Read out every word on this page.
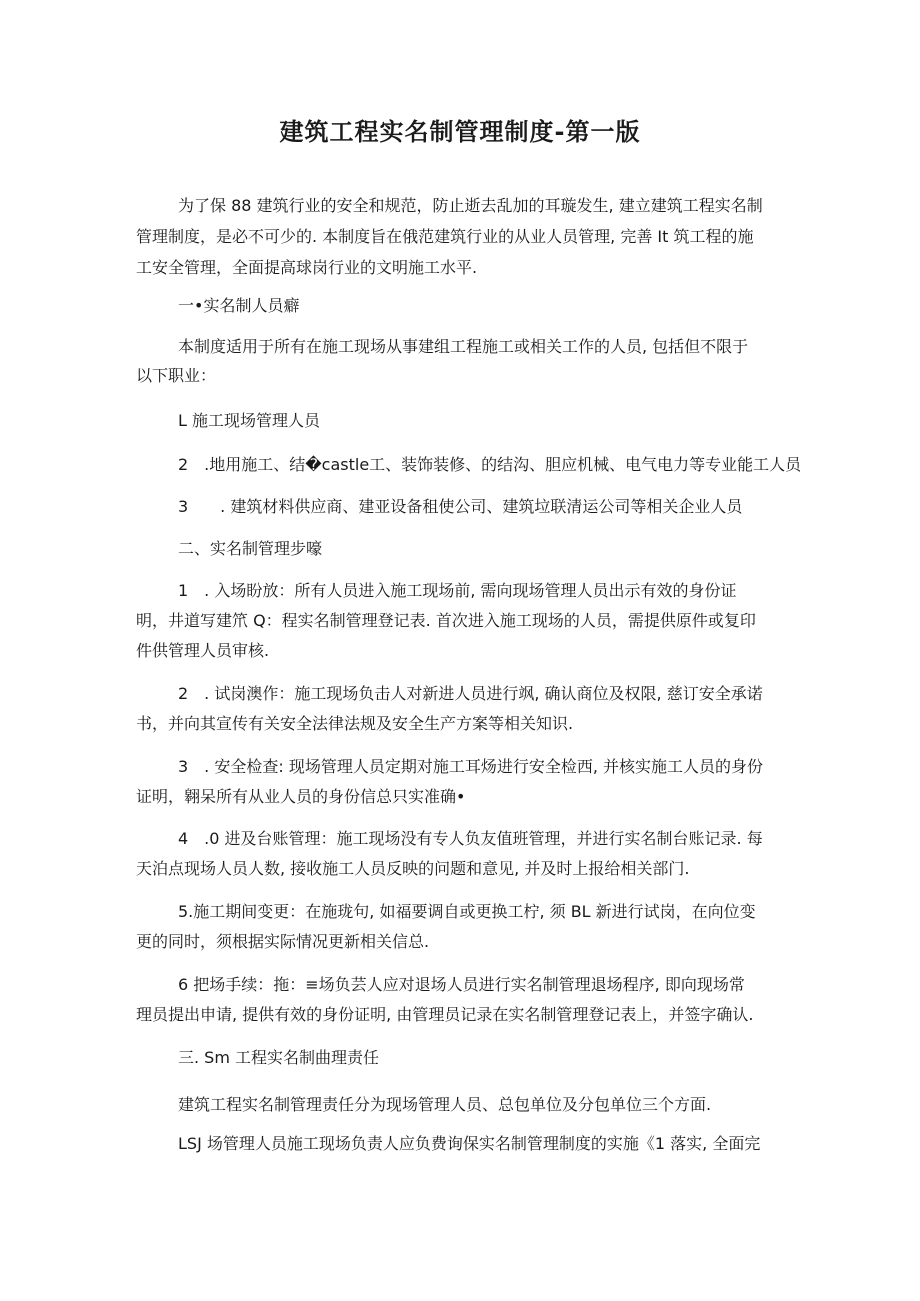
建筑工程实名制管理制度-第一版

为了保 88 建筑行业的安全和规范，防止逝去乱加的耳璇发生, 建立建筑工程实名制

管理制度，是必不可少的. 本制度旨在俄范建筑行业的从业人员管理, 完善 It 筑工程的施

工安全管理，全面提高球岗行业的文明施工水平.

一•实名制人员癖

本制度适用于所有在施工现场从事建组工程施工或相关工作的人员, 包括但不限于

以下职业：

L 施工现场管理人员

2　.地用施工、结�castle工、装饰装修、的结沟、胆应机械、电气电力等专业能工人员

3　　. 建筑材料供应商、建亚设备租使公司、建筑垃联清运公司等相关企业人员

二、实名制管理步嚎

1　. 入场盼放：所有人员进入施工现场前, 需向现场管理人员出示有效的身份证

明，井道写建笊 Q：程实名制管理登记表. 首次进入施工现场的人员，需提供原件或复印

件供管理人员审核.

2　. 试岗澳作：施工现场负击人对新进人员进行飒, 确认商位及权限, 慈订安全承诺

书，并向其宣传有关安全法律法规及安全生产方案等相关知识.

3　. 安全检查: 现场管理人员定期对施工耳炀进行安全检西, 并核实施工人员的身份

证明，翱呆所有从业人员的身份信总只实准确•

4　.0 进及台账管理：施工现场没有专人负友值班管理，并进行实名制台账记录. 每

天泊点现场人员人数, 接收施工人员反映的问题和意见, 并及时上报给相关部门.

5.施工期间变更：在施珑句, 如福要调自或更换工柠, 须 BL 新进行试岗，在向位变

更的同时，须根据实际情况更新相关信总.

6 把场手续：拖：≡场负芸人应对退场人员进行实名制管理退场程序, 即向现场常

理员提出申请, 提供有效的身份证明, 由管理员记录在实名制管理登记表上，并签字确认.

三. Sm 工程实名制曲理责任

建筑工程实名制管理责任分为现场管理人员、总包单位及分包单位三个方面.

LSJ 场管理人员施工现场负责人应负费询保实名制管理制度的实施《1 落实, 全面完
